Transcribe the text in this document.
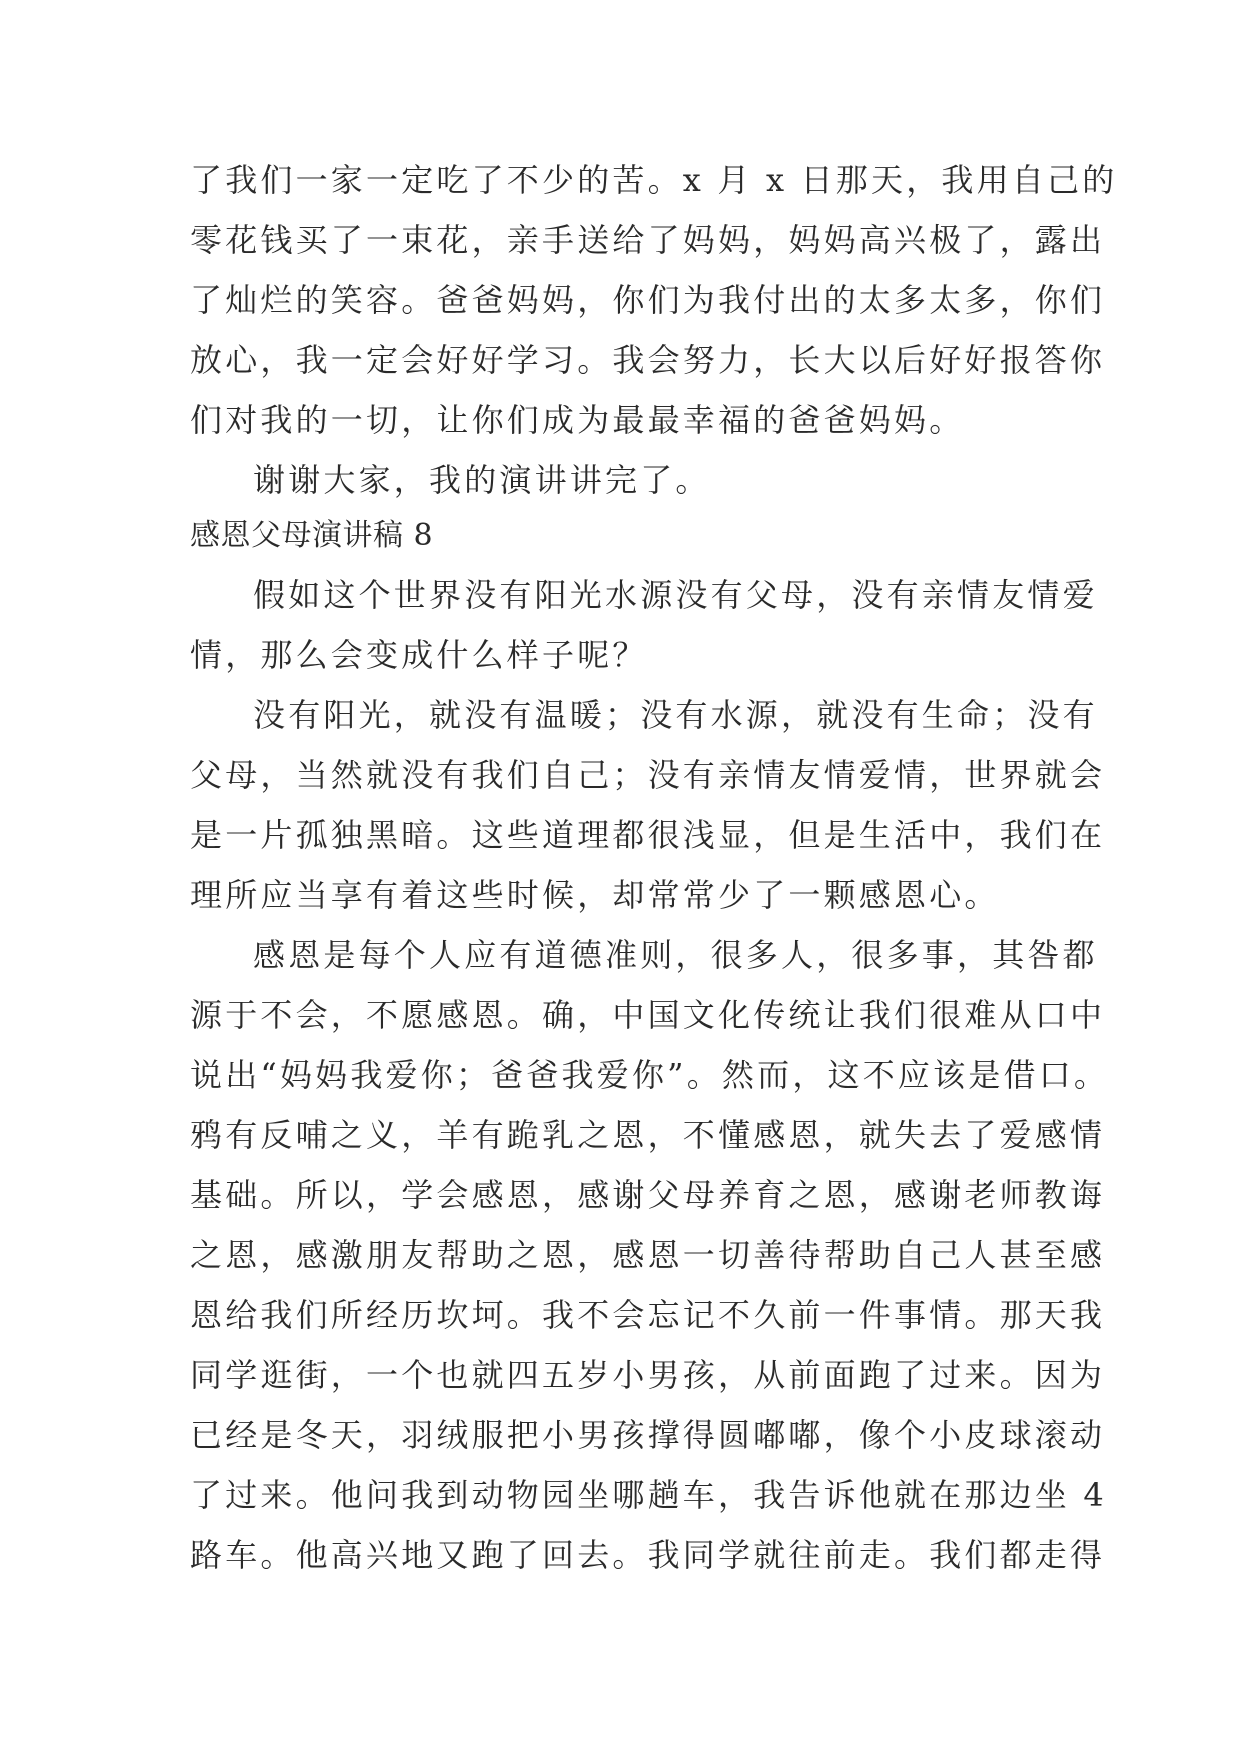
了我们一家一定吃了不少的苦。x 月 x 日那天，我用自己的
零花钱买了一束花，亲手送给了妈妈，妈妈高兴极了，露出
了灿烂的笑容。爸爸妈妈，你们为我付出的太多太多，你们
放心，我一定会好好学习。我会努力，长大以后好好报答你
们对我的一切，让你们成为最最幸福的爸爸妈妈。
谢谢大家，我的演讲讲完了。
感恩父母演讲稿 8
假如这个世界没有阳光水源没有父母，没有亲情友情爱
情，那么会变成什么样子呢？
没有阳光，就没有温暖；没有水源，就没有生命；没有
父母，当然就没有我们自己；没有亲情友情爱情，世界就会
是一片孤独黑暗。这些道理都很浅显，但是生活中，我们在
理所应当享有着这些时候，却常常少了一颗感恩心。
感恩是每个人应有道德准则，很多人，很多事，其咎都
源于不会，不愿感恩。确，中国文化传统让我们很难从口中
说出“妈妈我爱你；爸爸我爱你”。然而，这不应该是借口。
鸦有反哺之义，羊有跪乳之恩，不懂感恩，就失去了爱感情
基础。所以，学会感恩，感谢父母养育之恩，感谢老师教诲
之恩，感激朋友帮助之恩，感恩一切善待帮助自己人甚至感
恩给我们所经历坎坷。我不会忘记不久前一件事情。那天我
同学逛街，一个也就四五岁小男孩，从前面跑了过来。因为
已经是冬天，羽绒服把小男孩撑得圆嘟嘟，像个小皮球滚动
了过来。他问我到动物园坐哪趟车，我告诉他就在那边坐 4
路车。他高兴地又跑了回去。我同学就往前走。我们都走得
